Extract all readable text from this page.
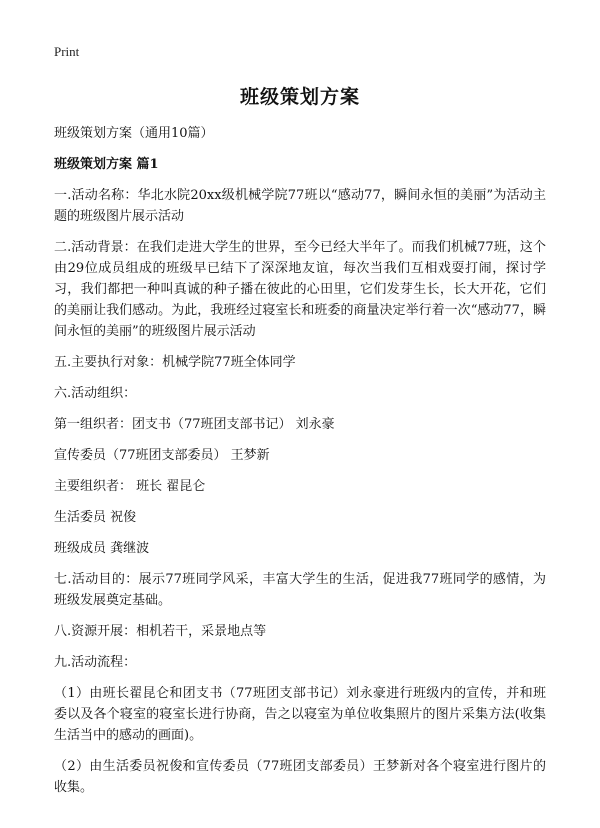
Print
班级策划方案
班级策划方案（通用10篇）
班级策划方案 篇1
一.活动名称：华北水院20xx级机械学院77班以“感动77，瞬间永恒的美丽”为活动主题的班级图片展示活动
二.活动背景：在我们走进大学生的世界，至今已经大半年了。而我们机械77班，这个由29位成员组成的班级早已结下了深深地友谊，每次当我们互相戏耍打闹，探讨学习，我们都把一种叫真诚的种子播在彼此的心田里，它们发芽生长，长大开花，它们的美丽让我们感动。为此，我班经过寝室长和班委的商量决定举行着一次“感动77，瞬间永恒的美丽”的班级图片展示活动
五.主要执行对象：机械学院77班全体同学
六.活动组织：
第一组织者：团支书（77班团支部书记） 刘永豪
宣传委员（77班团支部委员） 王梦新
主要组织者： 班长 翟昆仑
生活委员 祝俊
班级成员 龚继波
七.活动目的：展示77班同学风采，丰富大学生的生活，促进我77班同学的感情，为班级发展奠定基础。
八.资源开展：相机若干，采景地点等
九.活动流程：
（1）由班长翟昆仑和团支书（77班团支部书记）刘永豪进行班级内的宣传，并和班委以及各个寝室的寝室长进行协商，告之以寝室为单位收集照片的图片采集方法(收集生活当中的感动的画面)。
（2）由生活委员祝俊和宣传委员（77班团支部委员）王梦新对各个寝室进行图片的收集。
